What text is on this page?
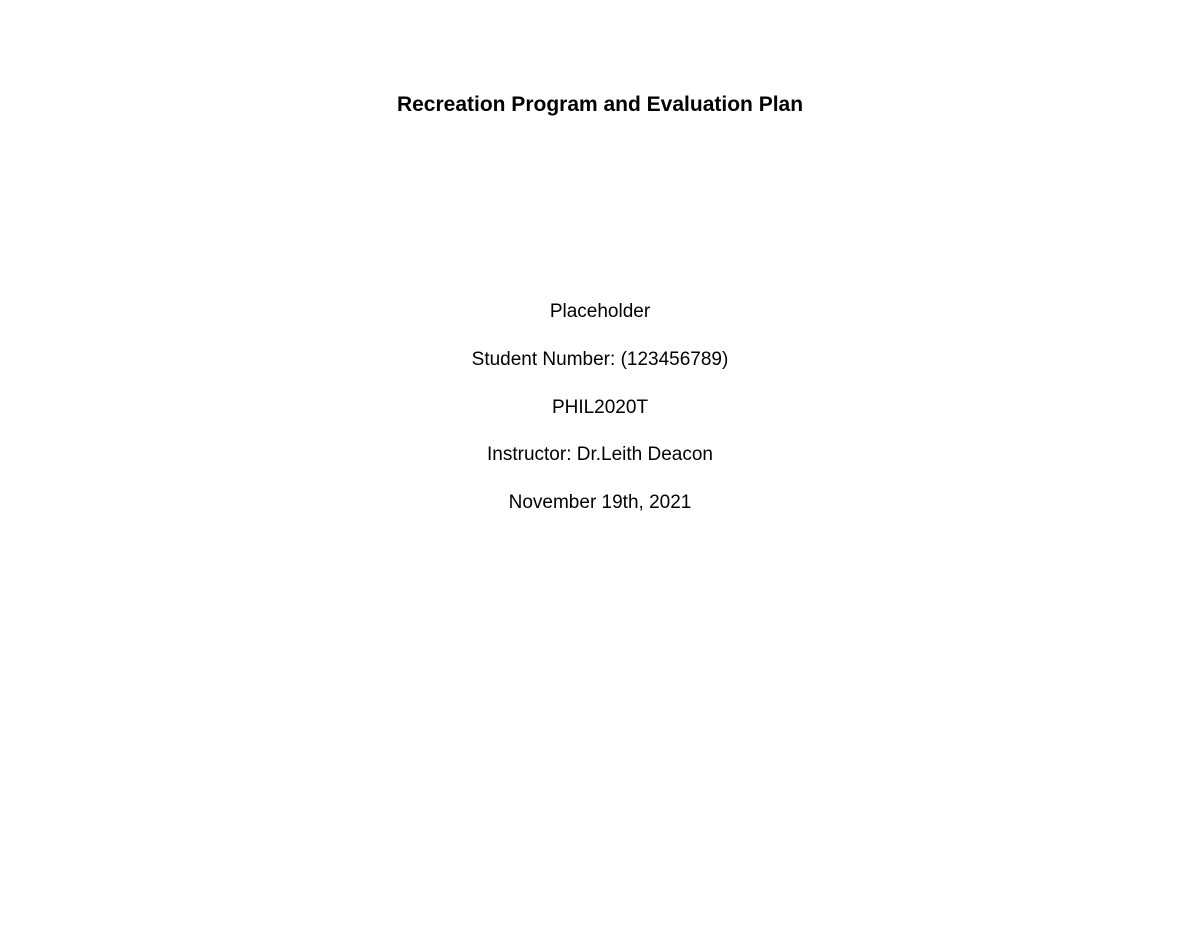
Recreation Program and Evaluation Plan

Placeholder

Student Number: (123456789)

PHIL2020T

Instructor: Dr.Leith Deacon

November 19th, 2021
